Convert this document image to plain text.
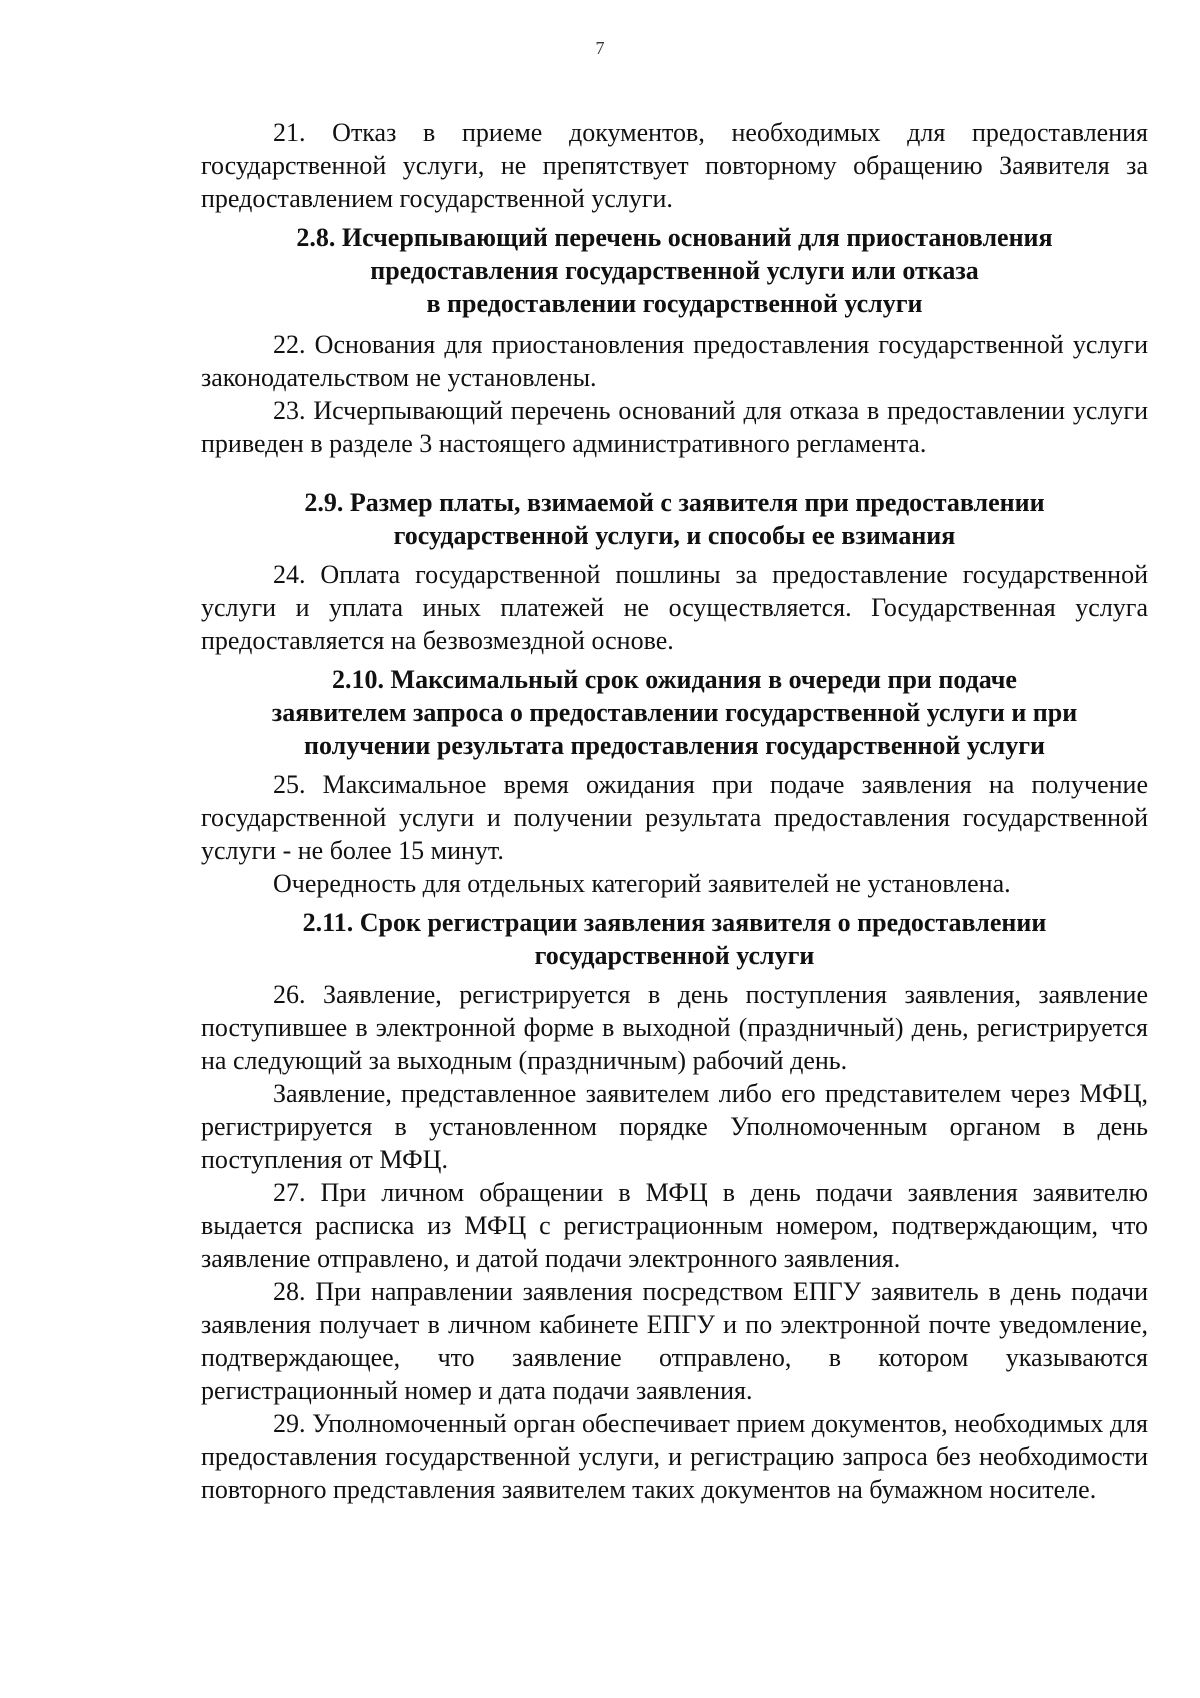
7

21. Отказ в приеме документов, необходимых для предоставления государственной услуги, не препятствует повторному обращению Заявителя за предоставлением государственной услуги.

2.8. Исчерпывающий перечень оснований для приостановления
предоставления государственной услуги или отказа
в предоставлении государственной услуги

22. Основания для приостановления предоставления государственной услуги законодательством не установлены.

23. Исчерпывающий перечень оснований для отказа в предоставлении услуги приведен в разделе 3 настоящего административного регламента.

2.9. Размер платы, взимаемой с заявителя при предоставлении
государственной услуги, и способы ее взимания

24. Оплата государственной пошлины за предоставление государственной услуги и уплата иных платежей не осуществляется. Государственная услуга предоставляется на безвозмездной основе.

2.10. Максимальный срок ожидания в очереди при подаче
заявителем запроса о предоставлении государственной услуги и при
получении результата предоставления государственной услуги

25. Максимальное время ожидания при подаче заявления на получение государственной услуги и получении результата предоставления государственной услуги - не более 15 минут.

Очередность для отдельных категорий заявителей не установлена.

2.11. Срок регистрации заявления заявителя о предоставлении
государственной услуги

26. Заявление, регистрируется в день поступления заявления, заявление поступившее в электронной форме в выходной (праздничный) день, регистрируется на следующий за выходным (праздничным) рабочий день.

Заявление, представленное заявителем либо его представителем через МФЦ, регистрируется в установленном порядке Уполномоченным органом в день поступления от МФЦ.

27. При личном обращении в МФЦ в день подачи заявления заявителю выдается расписка из МФЦ с регистрационным номером, подтверждающим, что заявление отправлено, и датой подачи электронного заявления.

28. При направлении заявления посредством ЕПГУ заявитель в день подачи заявления получает в личном кабинете ЕПГУ и по электронной почте уведомление, подтверждающее, что заявление отправлено, в котором указываются регистрационный номер и дата подачи заявления.

29. Уполномоченный орган обеспечивает прием документов, необходимых для предоставления государственной услуги, и регистрацию запроса без необходимости повторного представления заявителем таких документов на бумажном носителе.
